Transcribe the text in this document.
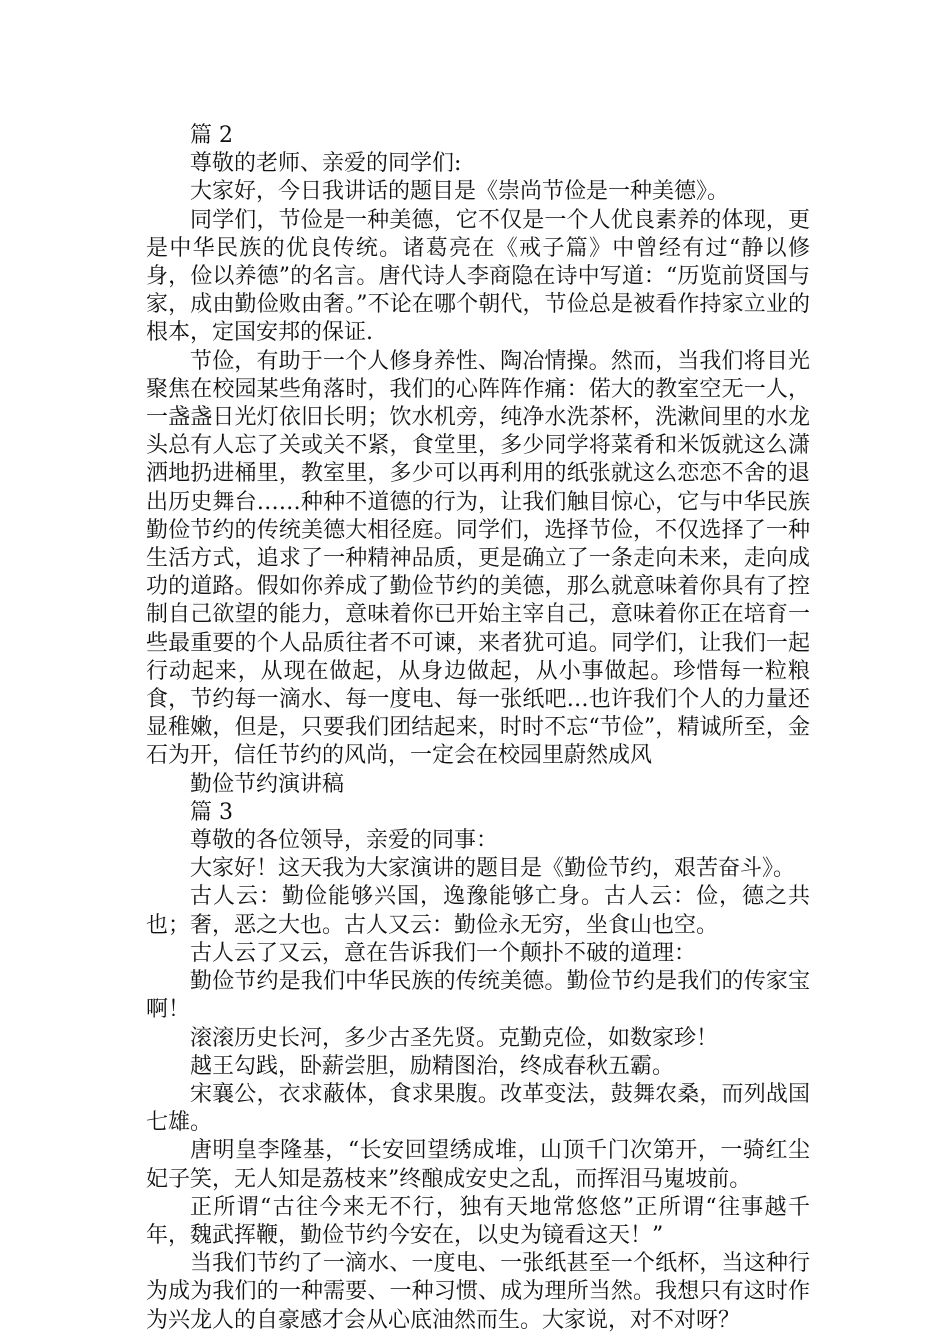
篇 2

尊敬的老师、亲爱的同学们:

大家好，今日我讲话的题目是《崇尚节俭是一种美德》。

同学们，节俭是一种美德，它不仅是一个人优良素养的体现，更是中华民族的优良传统。诸葛亮在《戒子篇》中曾经有过“静以修身，俭以养德”的名言。唐代诗人李商隐在诗中写道：“历览前贤国与家，成由勤俭败由奢。”不论在哪个朝代，节俭总是被看作持家立业的根本，定国安邦的保证.

节俭，有助于一个人修身养性、陶冶情操。然而，当我们将目光聚焦在校园某些角落时，我们的心阵阵作痛：偌大的教室空无一人，一盏盏日光灯依旧长明；饮水机旁，纯净水洗茶杯，洗漱间里的水龙头总有人忘了关或关不紧，食堂里，多少同学将菜肴和米饭就这么潇洒地扔进桶里，教室里，多少可以再利用的纸张就这么恋恋不舍的退出历史舞台……种种不道德的行为，让我们触目惊心，它与中华民族勤俭节约的传统美德大相径庭。同学们，选择节俭，不仅选择了一种生活方式，追求了一种精神品质，更是确立了一条走向未来，走向成功的道路。假如你养成了勤俭节约的美德，那么就意味着你具有了控制自己欲望的能力，意味着你已开始主宰自己，意味着你正在培育一些最重要的个人品质往者不可谏，来者犹可追。同学们，让我们一起行动起来，从现在做起，从身边做起，从小事做起。珍惜每一粒粮食，节约每一滴水、每一度电、每一张纸吧…也许我们个人的力量还显稚嫩，但是，只要我们团结起来，时时不忘“节俭”，精诚所至，金石为开，信任节约的风尚，一定会在校园里蔚然成风

勤俭节约演讲稿

篇 3

尊敬的各位领导，亲爱的同事：

大家好！这天我为大家演讲的题目是《勤俭节约，艰苦奋斗》。

古人云：勤俭能够兴国，逸豫能够亡身。古人云：俭，德之共也；奢，恶之大也。古人又云：勤俭永无穷，坐食山也空。

古人云了又云，意在告诉我们一个颠扑不破的道理：

勤俭节约是我们中华民族的传统美德。勤俭节约是我们的传家宝啊！

滚滚历史长河，多少古圣先贤。克勤克俭，如数家珍！

越王勾践，卧薪尝胆，励精图治，终成春秋五霸。

宋襄公，衣求蔽体，食求果腹。改革变法，鼓舞农桑，而列战国七雄。

唐明皇李隆基，“长安回望绣成堆，山顶千门次第开，一骑红尘妃子笑，无人知是荔枝来”终酿成安史之乱，而挥泪马嵬坡前。

正所谓“古往今来无不行，独有天地常悠悠”正所谓“往事越千年，魏武挥鞭，勤俭节约今安在，以史为镜看这天！”

当我们节约了一滴水、一度电、一张纸甚至一个纸杯，当这种行为成为我们的一种需要、一种习惯、成为理所当然。我想只有这时作为兴龙人的自豪感才会从心底油然而生。大家说，对不对呀？
